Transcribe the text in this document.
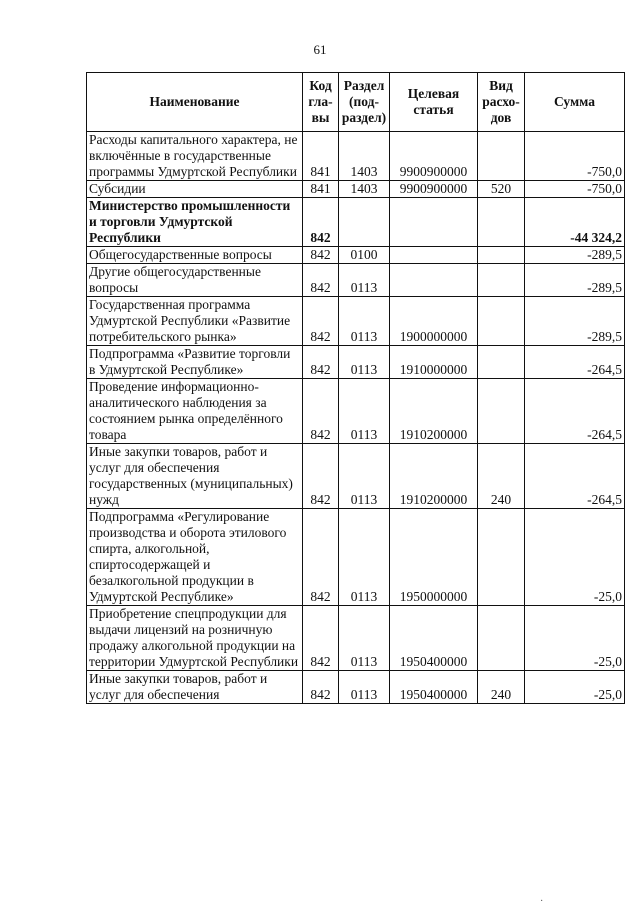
61
Наименование	Код гла-вы	Раздел (под-раздел)	Целевая статья	Вид расхо-дов	Сумма
Расходы капитального характера, не включённые в государственные программы Удмуртской Республики	841	1403	9900900000		-750,0
Субсидии	841	1403	9900900000	520	-750,0
Министерство промышленности и торговли Удмуртской Республики	842				-44 324,2
Общегосударственные вопросы	842	0100			-289,5
Другие общегосударственные вопросы	842	0113			-289,5
Государственная программа Удмуртской Республики «Развитие потребительского рынка»	842	0113	1900000000		-289,5
Подпрограмма «Развитие торговли в Удмуртской Республике»	842	0113	1910000000		-264,5
Проведение информационно-аналитического наблюдения за состоянием рынка определённого товара	842	0113	1910200000		-264,5
Иные закупки товаров, работ и услуг для обеспечения государственных (муниципальных) нужд	842	0113	1910200000	240	-264,5
Подпрограмма «Регулирование производства и оборота этилового спирта, алкогольной, спиртосодержащей и безалкогольной продукции в Удмуртской Республике»	842	0113	1950000000		-25,0
Приобретение спецпродукции для выдачи лицензий на розничную продажу алкогольной продукции на территории Удмуртской Республики	842	0113	1950400000		-25,0
Иные закупки товаров, работ и услуг для обеспечения	842	0113	1950400000	240	-25,0
·
